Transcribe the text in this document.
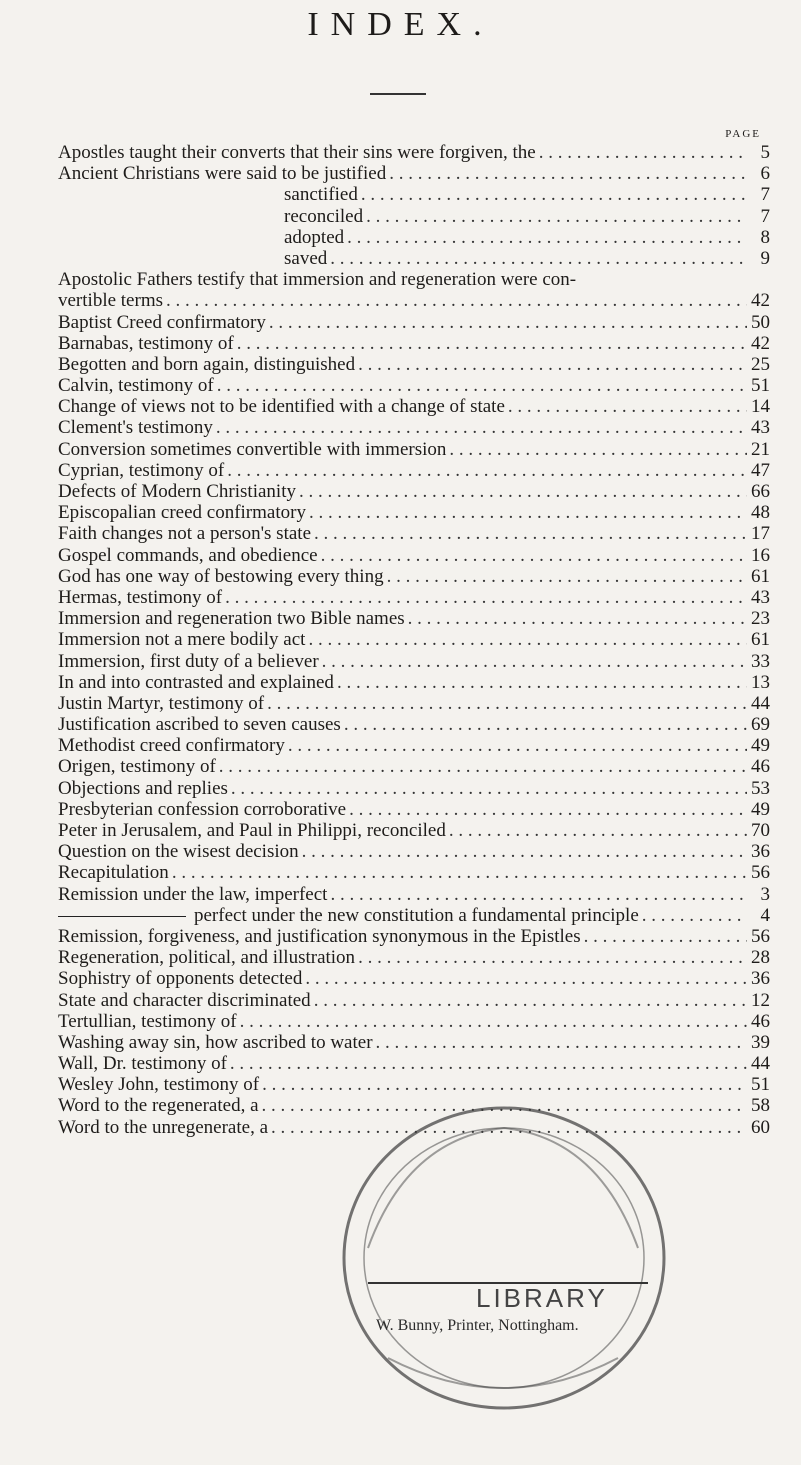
INDEX.
PAGE
Apostles taught their converts that their sins were forgiven, the . . .	5
Ancient Christians were said to be justified . . .	6
sanctified . . .	7
reconciled . . .	7
adopted . . .	8
saved . . .	9
Apostolic Fathers testify that immersion and regeneration were con-
vertible terms . . .	42
Baptist Creed confirmatory . . .	50
Barnabas, testimony of . . .	42
Begotten and born again, distinguished . . .	25
Calvin, testimony of . . .	51
Change of views not to be identified with a change of state . . .	14
Clement's testimony . . .	43
Conversion sometimes convertible with immersion . . .	21
Cyprian, testimony of . . .	47
Defects of Modern Christianity . . .	66
Episcopalian creed confirmatory . . .	48
Faith changes not a person's state . . .	17
Gospel commands, and obedience . . .	16
God has one way of bestowing every thing . . .	61
Hermas, testimony of . . .	43
Immersion and regeneration two Bible names . . .	23
Immersion not a mere bodily act . . .	61
Immersion, first duty of a believer . . .	33
In and into contrasted and explained . . .	13
Justin Martyr, testimony of . . .	44
Justification ascribed to seven causes . . .	69
Methodist creed confirmatory . . .	49
Origen, testimony of . . .	46
Objections and replies . . .	53
Presbyterian confession corroborative . . .	49
Peter in Jerusalem, and Paul in Philippi, reconciled . . .	70
Question on the wisest decision . . .	36
Recapitulation . . .	56
Remission under the law, imperfect . . .	3
perfect under the new constitution a fundamental principle . . .	4
Remission, forgiveness, and justification synonymous in the Epistles . . .	56
Regeneration, political, and illustration . . .	28
Sophistry of opponents detected . . .	36
State and character discriminated . . .	12
Tertullian, testimony of . . .	46
Washing away sin, how ascribed to water . . .	39
Wall, Dr. testimony of . . .	44
Wesley John, testimony of . . .	51
Word to the regenerated, a . . .	58
Word to the unregenerate, a . . .	60
LIBRARY
W. Bunny, Printer, Nottingham.
